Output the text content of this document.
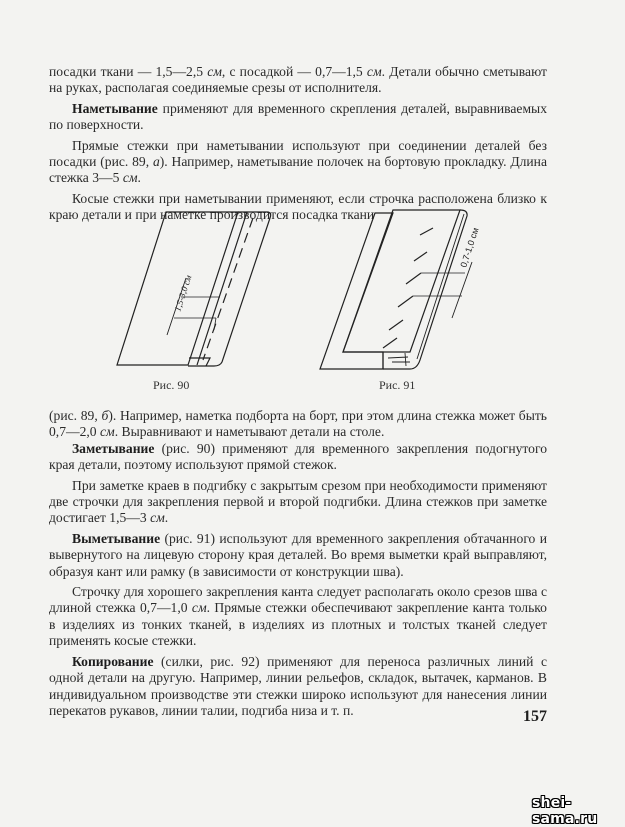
посадки ткани — 1,5—2,5 см, с посадкой — 0,7—1,5 см. Детали обычно сметывают на руках, располагая соединяемые срезы от исполнителя.

Наметывание применяют для временного скрепления деталей, выравниваемых по поверхности.

Прямые стежки при наметывании используют при соединении деталей без посадки (рис. 89, а). Например, наметывание полочек на бортовую прокладку. Длина стежка 3—5 см.

Косые стежки при наметывании применяют, если строчка расположена близко к краю детали и при наметке производится посадка ткани

1,5-3,0 см
0,7-1,0 см
Рис. 90	Рис. 91

(рис. 89, б). Например, наметка подборта на борт, при этом длина стежка может быть 0,7—2,0 см. Выравнивают и наметывают детали на столе.

Заметывание (рис. 90) применяют для временного закрепления подогнутого края детали, поэтому используют прямой стежок.

При заметке краев в подгибку с закрытым срезом при необходимости применяют две строчки для закрепления первой и второй подгибки. Длина стежков при заметке достигает 1,5—3 см.

Выметывание (рис. 91) используют для временного закрепления обтачанного и вывернутого на лицевую сторону края деталей. Во время выметки край выправляют, образуя кант или рамку (в зависимости от конструкции шва).

Строчку для хорошего закрепления канта следует располагать около срезов шва с длиной стежка 0,7—1,0 см. Прямые стежки обеспечивают закрепление канта только в изделиях из тонких тканей, в изделиях из плотных и толстых тканей следует применять косые стежки.

Копирование (силки, рис. 92) применяют для переноса различных линий с одной детали на другую. Например, линии рельефов, складок, вытачек, карманов. В индивидуальном производстве эти стежки широко используют для нанесения линии перекатов рукавов, линии талии, подгиба низа и т. п.	157
shei-sama.ru
